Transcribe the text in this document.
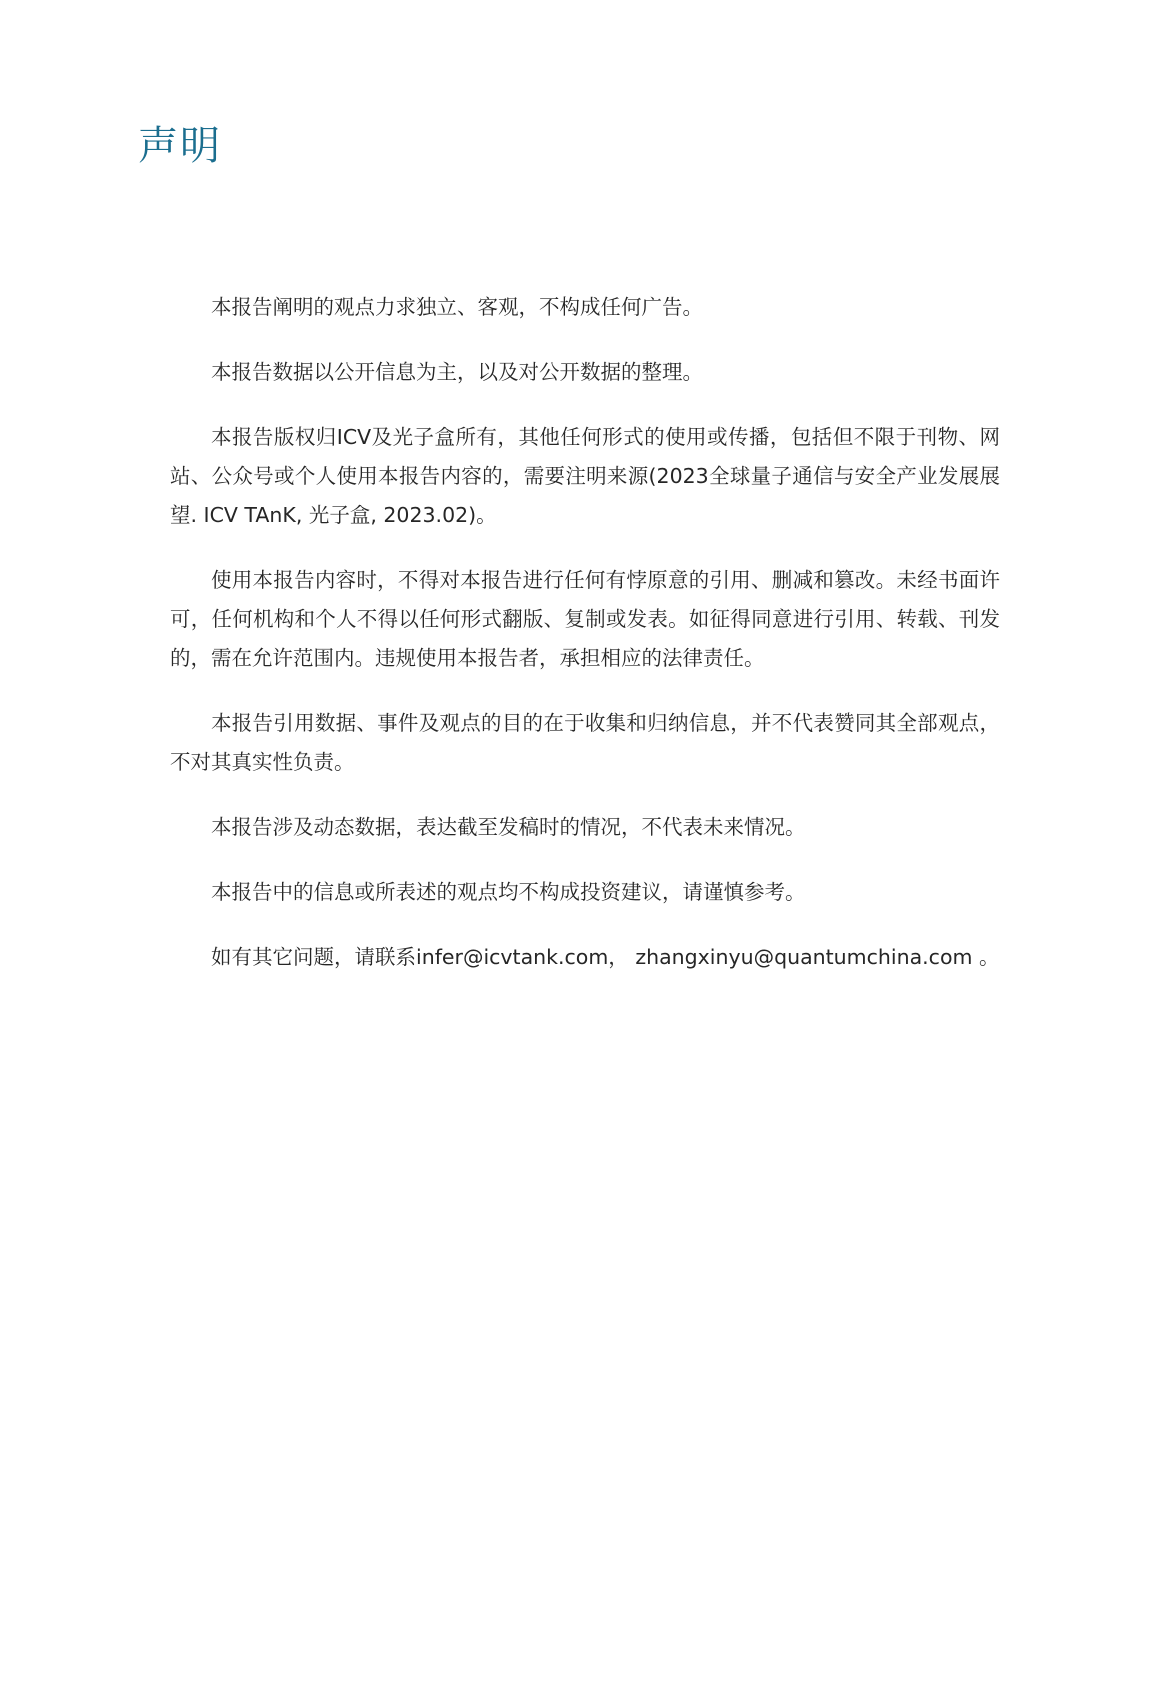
声明

本报告阐明的观点力求独立、客观，不构成任何广告。

本报告数据以公开信息为主，以及对公开数据的整理。

本报告版权归ICV及光子盒所有，其他任何形式的使用或传播，包括但不限于刊物、网站、公众号或个人使用本报告内容的，需要注明来源(2023全球量子通信与安全产业发展展望. ICV TAnK, 光子盒, 2023.02)。

使用本报告内容时，不得对本报告进行任何有悖原意的引用、删减和篡改。未经书面许可，任何机构和个人不得以任何形式翻版、复制或发表。如征得同意进行引用、转载、刊发的，需在允许范围内。违规使用本报告者，承担相应的法律责任。

本报告引用数据、事件及观点的目的在于收集和归纳信息，并不代表赞同其全部观点，不对其真实性负责。

本报告涉及动态数据，表达截至发稿时的情况，不代表未来情况。

本报告中的信息或所表述的观点均不构成投资建议，请谨慎参考。

如有其它问题，请联系infer@icvtank.com， zhangxinyu@quantumchina.com 。
